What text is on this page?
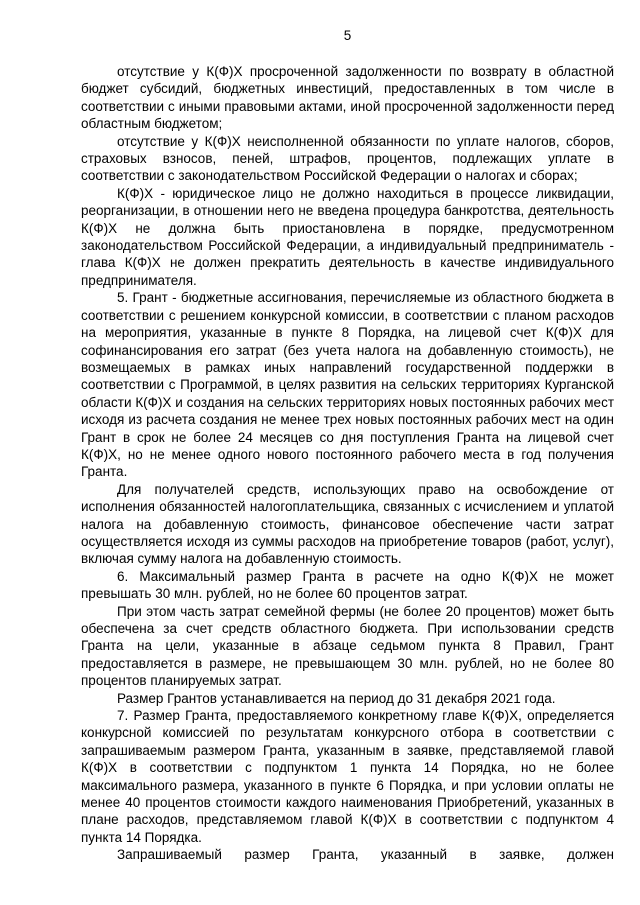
5

отсутствие у К(Ф)Х просроченной задолженности по возврату в областной бюджет субсидий, бюджетных инвестиций, предоставленных в том числе в соответствии с иными правовыми актами, иной просроченной задолженности перед областным бюджетом;

отсутствие у К(Ф)Х неисполненной обязанности по уплате налогов, сборов, страховых взносов, пеней, штрафов, процентов, подлежащих уплате в соответствии с законодательством Российской Федерации о налогах и сборах;

К(Ф)Х - юридическое лицо не должно находиться в процессе ликвидации, реорганизации, в отношении него не введена процедура банкротства, деятельность К(Ф)Х не должна быть приостановлена в порядке, предусмотренном законодательством Российской Федерации, а индивидуальный предприниматель - глава К(Ф)Х не должен прекратить деятельность в качестве индивидуального предпринимателя.

5. Грант - бюджетные ассигнования, перечисляемые из областного бюджета в соответствии с решением конкурсной комиссии, в соответствии с планом расходов на мероприятия, указанные в пункте 8 Порядка, на лицевой счет К(Ф)Х для софинансирования его затрат (без учета налога на добавленную стоимость), не возмещаемых в рамках иных направлений государственной поддержки в соответствии с Программой, в целях развития на сельских территориях Курганской области К(Ф)Х и создания на сельских территориях новых постоянных рабочих мест исходя из расчета создания не менее трех новых постоянных рабочих мест на один Грант в срок не более 24 месяцев со дня поступления Гранта на лицевой счет К(Ф)Х, но не менее одного нового постоянного рабочего места в год получения Гранта.

Для получателей средств, использующих право на освобождение от исполнения обязанностей налогоплательщика, связанных с исчислением и уплатой налога на добавленную стоимость, финансовое обеспечение части затрат осуществляется исходя из суммы расходов на приобретение товаров (работ, услуг), включая сумму налога на добавленную стоимость.

6. Максимальный размер Гранта в расчете на одно К(Ф)Х не может превышать 30 млн. рублей, но не более 60 процентов затрат.

При этом часть затрат семейной фермы (не более 20 процентов) может быть обеспечена за счет средств областного бюджета. При использовании средств Гранта на цели, указанные в абзаце седьмом пункта 8 Правил, Грант предоставляется в размере, не превышающем 30 млн. рублей, но не более 80 процентов планируемых затрат.

Размер Грантов устанавливается на период до 31 декабря 2021 года.

7. Размер Гранта, предоставляемого конкретному главе К(Ф)Х, определяется конкурсной комиссией по результатам конкурсного отбора в соответствии с запрашиваемым размером Гранта, указанным в заявке, представляемой главой К(Ф)Х в соответствии с подпунктом 1 пункта 14 Порядка, но не более максимального размера, указанного в пункте 6 Порядка, и при условии оплаты не менее 40 процентов стоимости каждого наименования Приобретений, указанных в плане расходов, представляемом главой К(Ф)Х в соответствии с подпунктом 4 пункта 14 Порядка.

Запрашиваемый размер Гранта, указанный в заявке, должен
